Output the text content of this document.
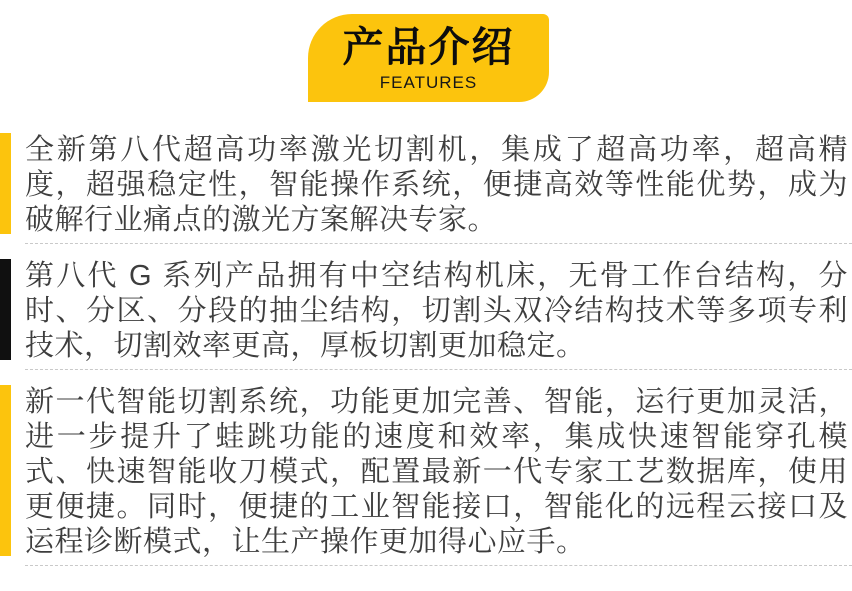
产品介绍
FEATURES

全新第八代超高功率激光切割机，集成了超高功率，超高精度，超强稳定性，智能操作系统，便捷高效等性能优势，成为破解行业痛点的激光方案解决专家。

第八代 G 系列产品拥有中空结构机床，无骨工作台结构，分时、分区、分段的抽尘结构，切割头双冷结构技术等多项专利技术，切割效率更高，厚板切割更加稳定。

新一代智能切割系统，功能更加完善、智能，运行更加灵活，进一步提升了蛙跳功能的速度和效率，集成快速智能穿孔模式、快速智能收刀模式，配置最新一代专家工艺数据库，使用更便捷。同时，便捷的工业智能接口，智能化的远程云接口及运程诊断模式，让生产操作更加得心应手。
